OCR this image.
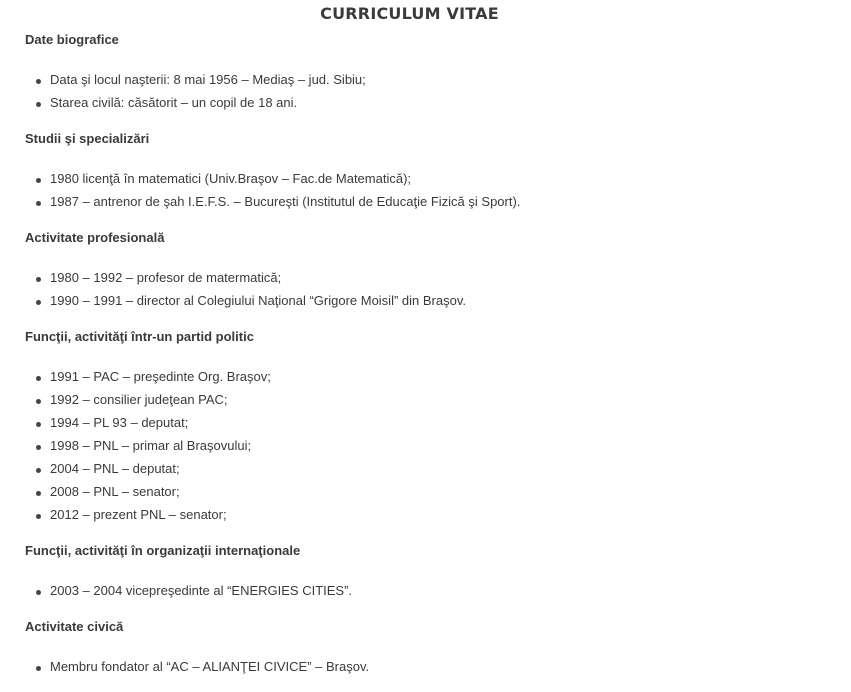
CURRICULUM VITAE
Date biografice
Data şi locul naşterii: 8 mai 1956 – Mediaş – jud. Sibiu;
Starea civilă: căsătorit – un copil de 18 ani.
Studii şi specializări
1980 licenţă în matematici (Univ.Braşov – Fac.de Matematică);
1987 – antrenor de şah I.E.F.S. – Bucureşti (Institutul de Educaţie Fizică şi Sport).
Activitate profesională
1980 – 1992 – profesor de matermatică;
1990 – 1991 – director al Colegiului Naţional “Grigore Moisil” din Braşov.
Funcţii, activităţi într-un partid politic
1991 – PAC – preşedinte Org. Braşov;
1992 – consilier judeţean PAC;
1994 – PL 93 – deputat;
1998 – PNL – primar al Braşovului;
2004 – PNL – deputat;
2008 – PNL – senator;
2012 – prezent PNL – senator;
Funcţii, activităţi în organizaţii internaţionale
2003 – 2004 vicepreşedinte al “ENERGIES CITIES”.
Activitate civică
Membru fondator al “AC – ALIANŢEI CIVICE” – Braşov.
